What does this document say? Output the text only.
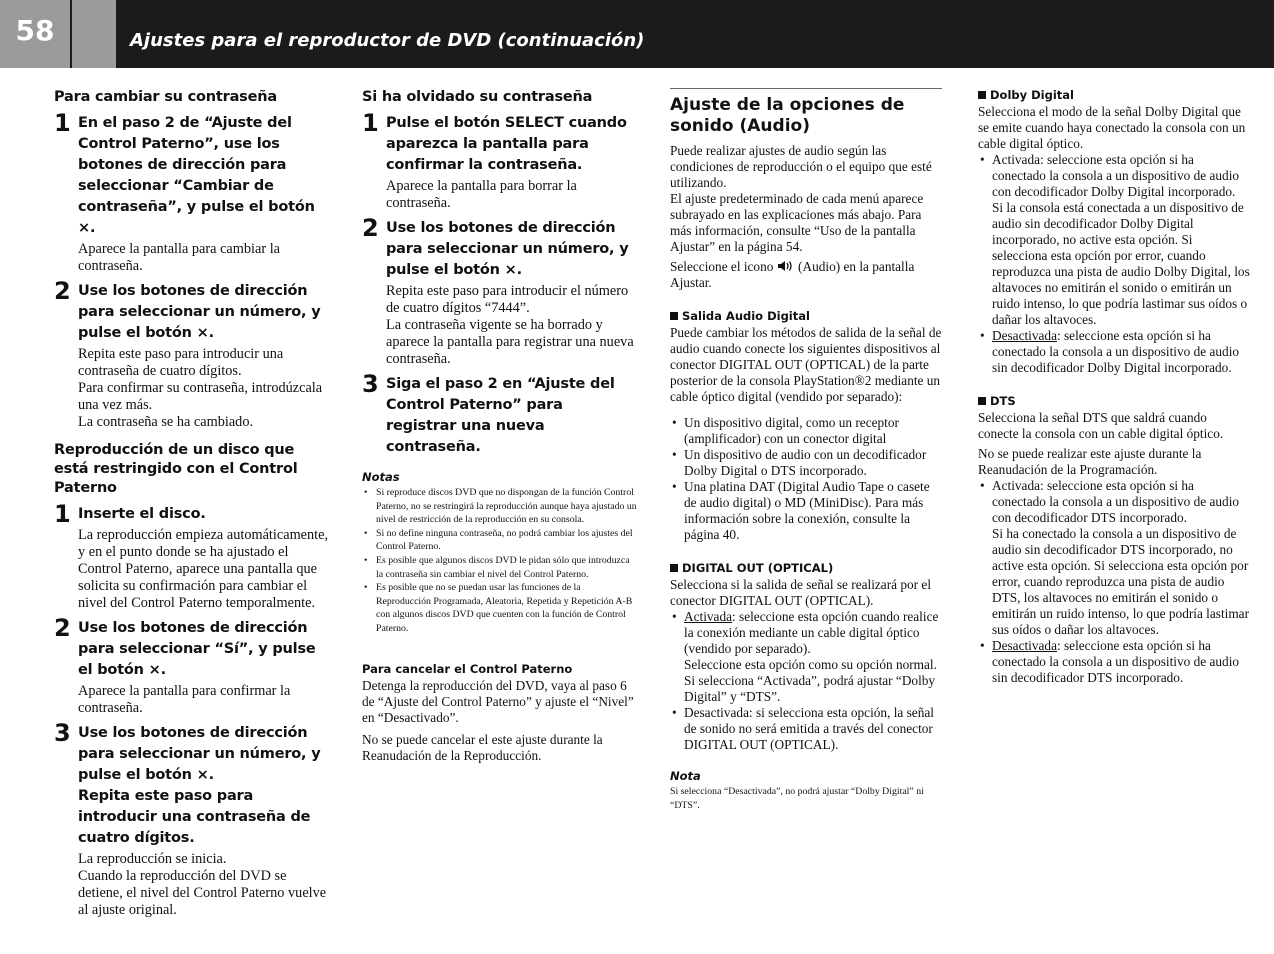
58	Ajustes para el reproductor de DVD (continuación)
Para cambiar su contraseña
1 En el paso 2 de “Ajuste del Control Paterno”, use los botones de dirección para seleccionar “Cambiar de contraseña”, y pulse el botón ×.
Aparece la pantalla para cambiar la contraseña.
2 Use los botones de dirección para seleccionar un número, y pulse el botón ×.
Repita este paso para introducir una contraseña de cuatro dígitos.
Para confirmar su contraseña, introdúzcala una vez más.
La contraseña se ha cambiado.
Reproducción de un disco que está restringido con el Control Paterno
1 Inserte el disco.
La reproducción empieza automáticamente, y en el punto donde se ha ajustado el Control Paterno, aparece una pantalla que solicita su confirmación para cambiar el nivel del Control Paterno temporalmente.
2 Use los botones de dirección para seleccionar “Sí”, y pulse el botón ×.
Aparece la pantalla para confirmar la contraseña.
3 Use los botones de dirección para seleccionar un número, y pulse el botón ×.
Repita este paso para introducir una contraseña de cuatro dígitos.
La reproducción se inicia.
Cuando la reproducción del DVD se detiene, el nivel del Control Paterno vuelve al ajuste original.
Si ha olvidado su contraseña
1 Pulse el botón SELECT cuando aparezca la pantalla para confirmar la contraseña.
Aparece la pantalla para borrar la contraseña.
2 Use los botones de dirección para seleccionar un número, y pulse el botón ×.
Repita este paso para introducir el número de cuatro dígitos “7444”.
La contraseña vigente se ha borrado y aparece la pantalla para registrar una nueva contraseña.
3 Siga el paso 2 en “Ajuste del Control Paterno” para registrar una nueva contraseña.
Notas
• Si reproduce discos DVD que no dispongan de la función Control Paterno, no se restringirá la reproducción aunque haya ajustado un nivel de restricción de la reproducción en su consola.
• Si no define ninguna contraseña, no podrá cambiar los ajustes del Control Paterno.
• Es posible que algunos discos DVD le pidan sólo que introduzca la contraseña sin cambiar el nivel del Control Paterno.
• Es posible que no se puedan usar las funciones de la Reproducción Programada, Aleatoria, Repetida y Repetición A-B con algunos discos DVD que cuenten con la función de Control Paterno.
Para cancelar el Control Paterno
Detenga la reproducción del DVD, vaya al paso 6 de “Ajuste del Control Paterno” y ajuste el “Nivel” en “Desactivado”.
No se puede cancelar el este ajuste durante la Reanudación de la Reproducción.
Ajuste de la opciones de sonido (Audio)
Puede realizar ajustes de audio según las condiciones de reproducción o el equipo que esté utilizando.
El ajuste predeterminado de cada menú aparece subrayado en las explicaciones más abajo. Para más información, consulte “Uso de la pantalla Ajustar” en la página 54.
Seleccione el icono (Audio) en la pantalla Ajustar.
Salida Audio Digital
Puede cambiar los métodos de salida de la señal de audio cuando conecte los siguientes dispositivos al conector DIGITAL OUT (OPTICAL) de la parte posterior de la consola PlayStation®2 mediante un cable óptico digital (vendido por separado):
• Un dispositivo digital, como un receptor (amplificador) con un conector digital
• Un dispositivo de audio con un decodificador Dolby Digital o DTS incorporado.
• Una platina DAT (Digital Audio Tape o casete de audio digital) o MD (MiniDisc). Para más información sobre la conexión, consulte la página 40.
DIGITAL OUT (OPTICAL)
Selecciona si la salida de señal se realizará por el conector DIGITAL OUT (OPTICAL).
• Activada: seleccione esta opción cuando realice la conexión mediante un cable digital óptico (vendido por separado).
Seleccione esta opción como su opción normal.
Si selecciona “Activada”, podrá ajustar “Dolby Digital” y “DTS”.
• Desactivada: si selecciona esta opción, la señal de sonido no será emitida a través del conector DIGITAL OUT (OPTICAL).
Nota
Si selecciona “Desactivada”, no podrá ajustar “Dolby Digital” ni “DTS”.
Dolby Digital
Selecciona el modo de la señal Dolby Digital que se emite cuando haya conectado la consola con un cable digital óptico.
• Activada: seleccione esta opción si ha conectado la consola a un dispositivo de audio con decodificador Dolby Digital incorporado.
Si la consola está conectada a un dispositivo de audio sin decodificador Dolby Digital incorporado, no active esta opción. Si selecciona esta opción por error, cuando reproduzca una pista de audio Dolby Digital, los altavoces no emitirán el sonido o emitirán un ruido intenso, lo que podría lastimar sus oídos o dañar los altavoces.
• Desactivada: seleccione esta opción si ha conectado la consola a un dispositivo de audio sin decodificador Dolby Digital incorporado.
DTS
Selecciona la señal DTS que saldrá cuando conecte la consola con un cable digital óptico.
No se puede realizar este ajuste durante la Reanudación de la Programación.
• Activada: seleccione esta opción si ha conectado la consola a un dispositivo de audio con decodificador DTS incorporado.
Si ha conectado la consola a un dispositivo de audio sin decodificador DTS incorporado, no active esta opción. Si selecciona esta opción por error, cuando reproduzca una pista de audio DTS, los altavoces no emitirán el sonido o emitirán un ruido intenso, lo que podría lastimar sus oídos o dañar los altavoces.
• Desactivada: seleccione esta opción si ha conectado la consola a un dispositivo de audio sin decodificador DTS incorporado.
